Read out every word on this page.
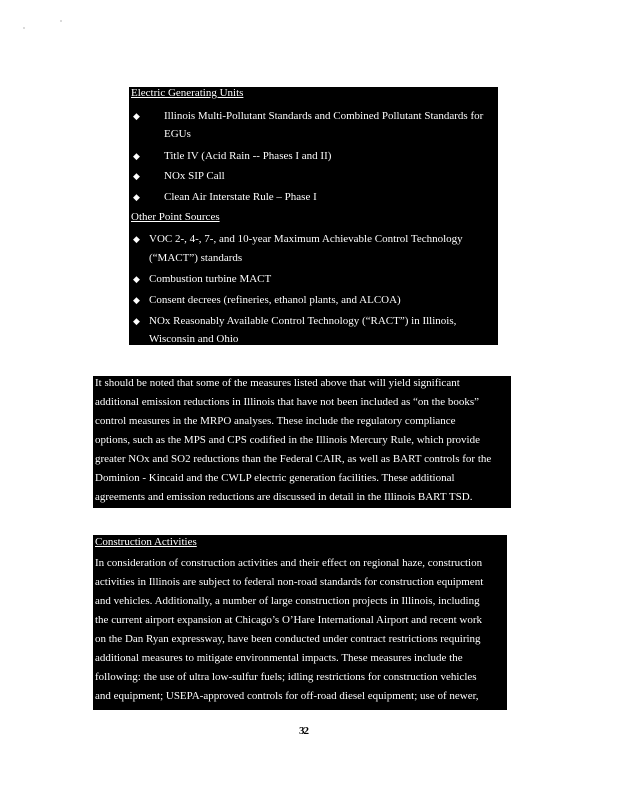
Electric Generating Units
◆ Illinois Multi-Pollutant Standards and Combined Pollutant Standards for
EGUs
◆ Title IV (Acid Rain -- Phases I and II)
◆ NOx SIP Call
◆ Clean Air Interstate Rule – Phase I
Other Point Sources
◆ VOC 2-, 4-, 7-, and 10-year Maximum Achievable Control Technology
(“MACT”) standards
◆ Combustion turbine MACT
◆ Consent decrees (refineries, ethanol plants, and ALCOA)
◆ NOx Reasonably Available Control Technology (“RACT”) in Illinois,
Wisconsin and Ohio
It should be noted that some of the measures listed above that will yield significant
additional emission reductions in Illinois that have not been included as “on the books”
control measures in the MRPO analyses. These include the regulatory compliance
options, such as the MPS and CPS codified in the Illinois Mercury Rule, which provide
greater NOx and SO2 reductions than the Federal CAIR, as well as BART controls for the
Dominion - Kincaid and the CWLP electric generation facilities. These additional
agreements and emission reductions are discussed in detail in the Illinois BART TSD.
Construction Activities
In consideration of construction activities and their effect on regional haze, construction
activities in Illinois are subject to federal non-road standards for construction equipment
and vehicles. Additionally, a number of large construction projects in Illinois, including
the current airport expansion at Chicago’s O’Hare International Airport and recent work
on the Dan Ryan expressway, have been conducted under contract restrictions requiring
additional measures to mitigate environmental impacts. These measures include the
following: the use of ultra low-sulfur fuels; idling restrictions for construction vehicles
and equipment; USEPA-approved controls for off-road diesel equipment; use of newer,
32
